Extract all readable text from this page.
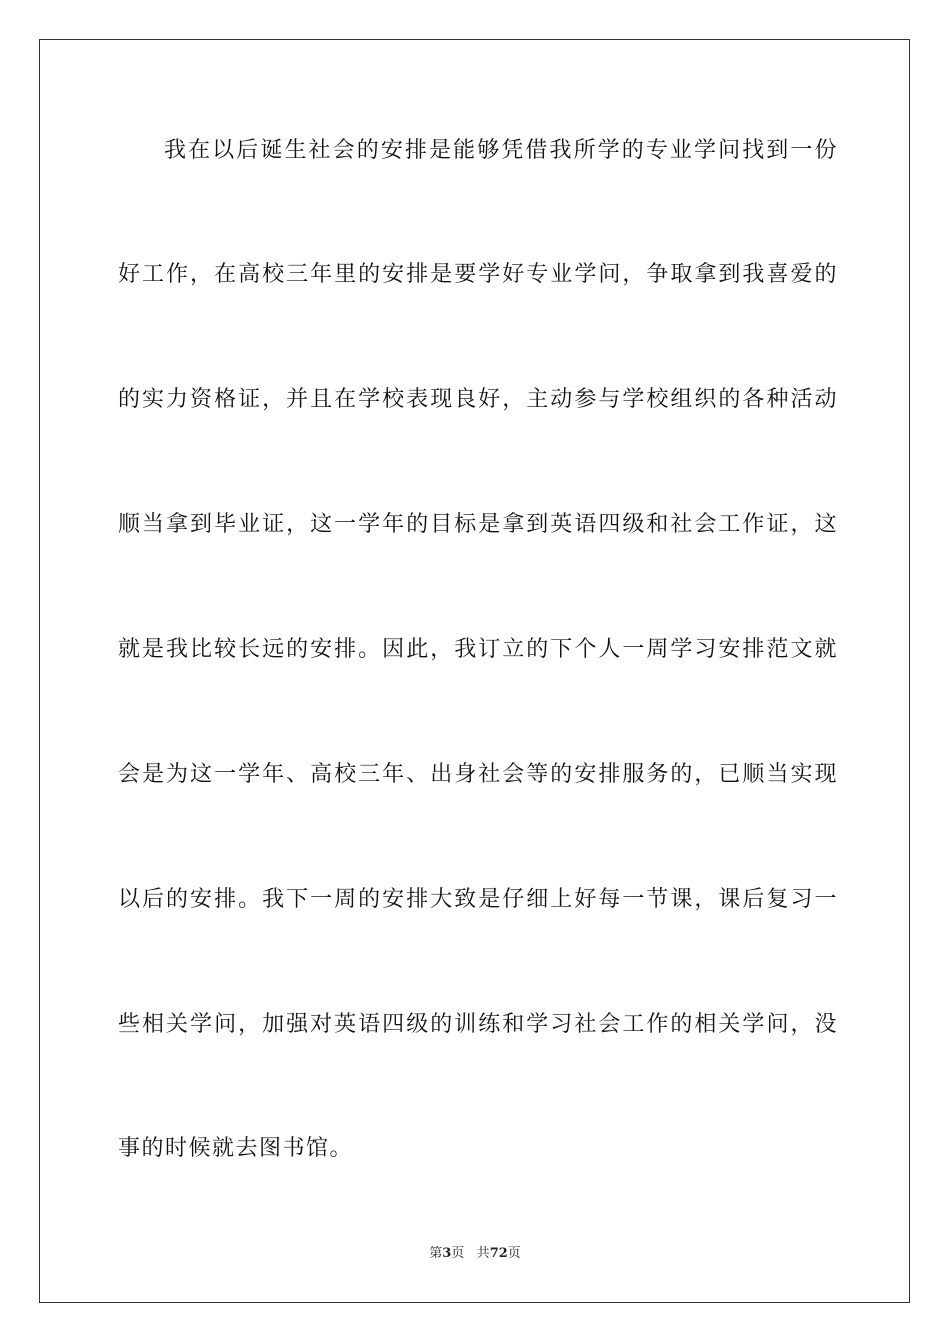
我在以后诞生社会的安排是能够凭借我所学的专业学问找到一份
好工作，在高校三年里的安排是要学好专业学问，争取拿到我喜爱的
的实力资格证，并且在学校表现良好，主动参与学校组织的各种活动
顺当拿到毕业证，这一学年的目标是拿到英语四级和社会工作证，这
就是我比较长远的安排。因此，我订立的下个人一周学习安排范文就
会是为这一学年、高校三年、出身社会等的安排服务的，已顺当实现
以后的安排。我下一周的安排大致是仔细上好每一节课，课后复习一
些相关学问，加强对英语四级的训练和学习社会工作的相关学问，没
事的时候就去图书馆。
第3页 共72页
